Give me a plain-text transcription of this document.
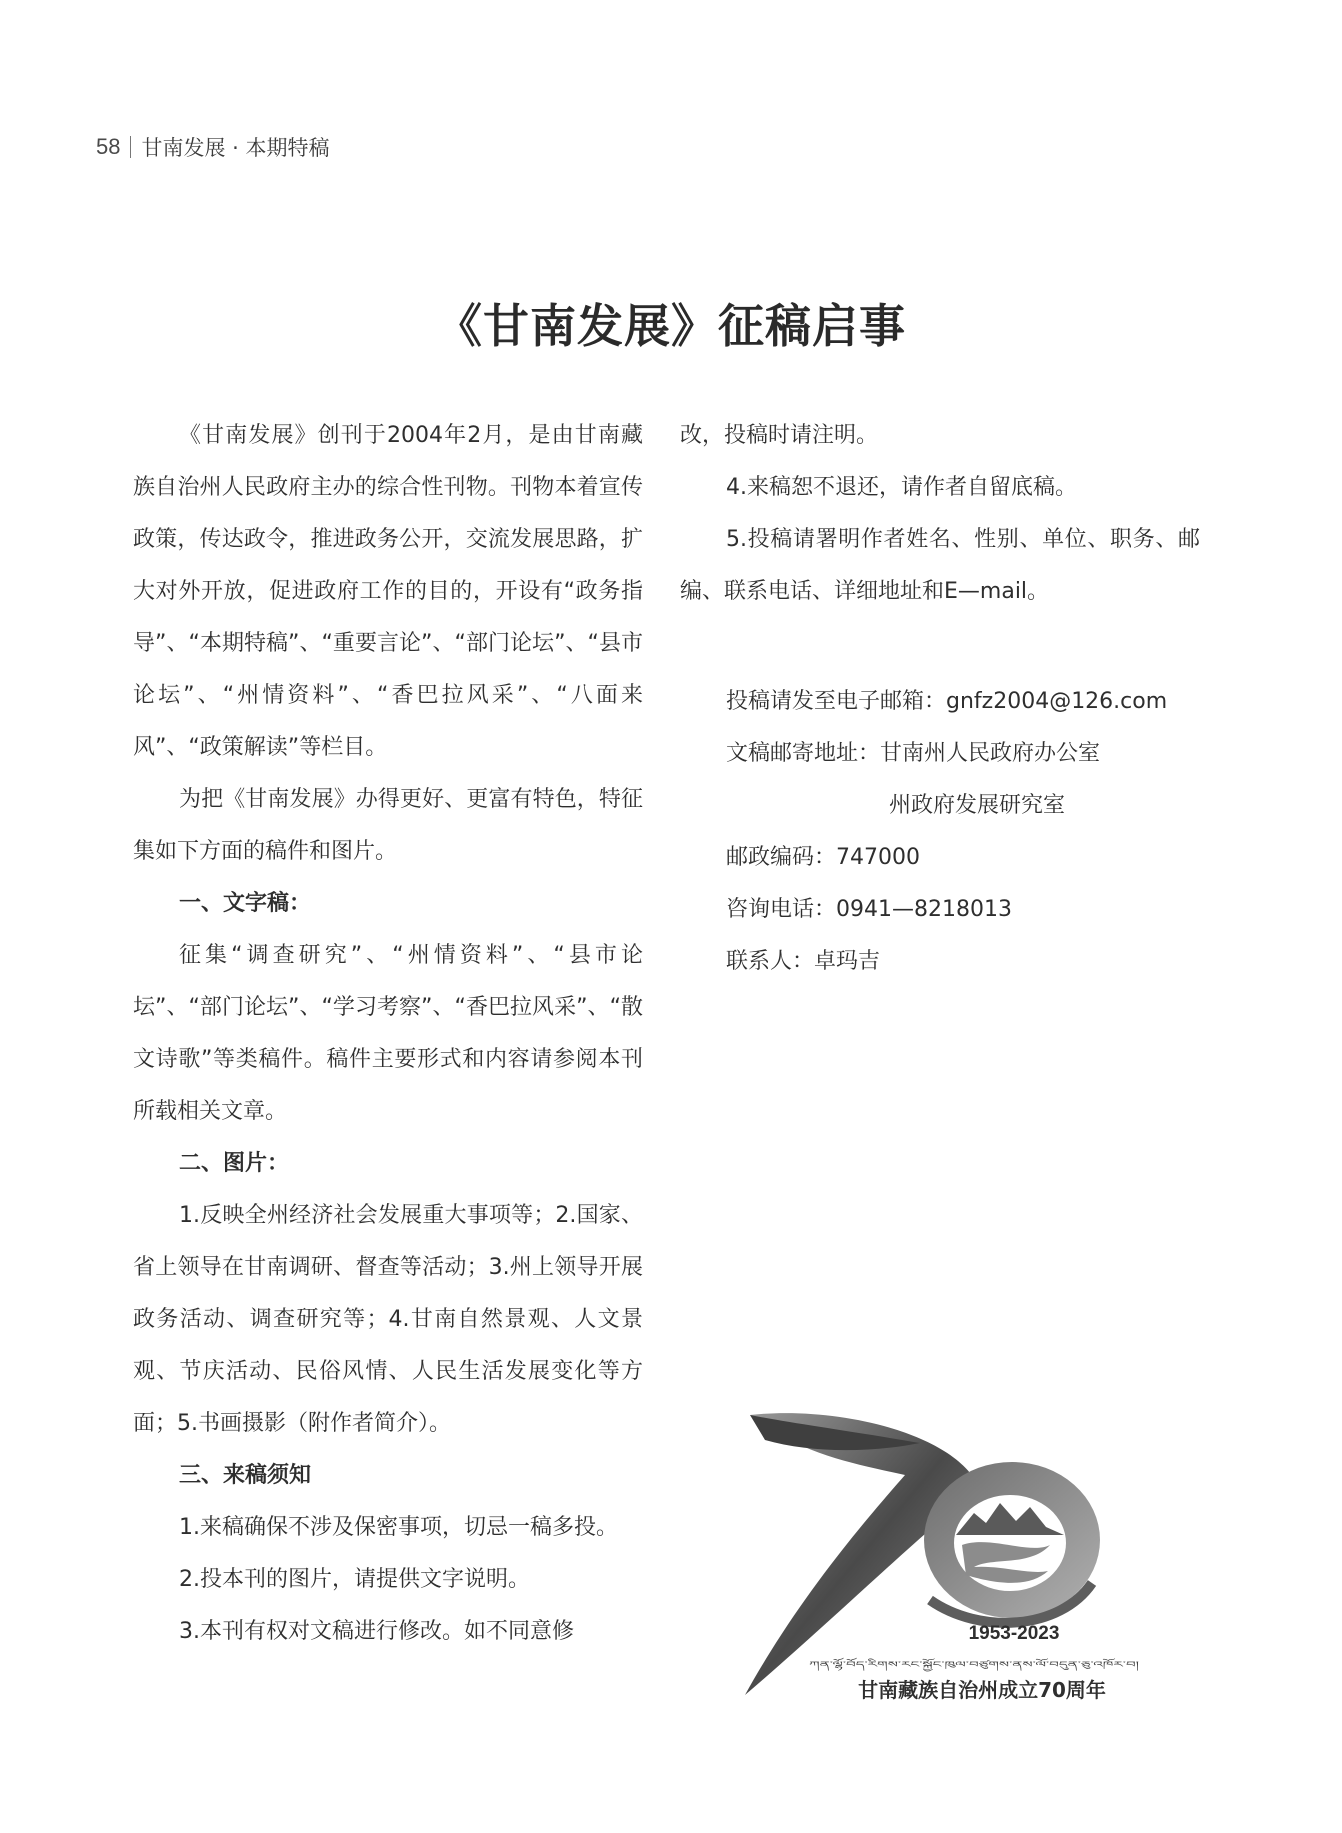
58 甘南发展 · 本期特稿
《甘南发展》征稿启事

《甘南发展》创刊于2004年2月，是由甘南藏族自治州人民政府主办的综合性刊物。刊物本着宣传政策，传达政令，推进政务公开，交流发展思路，扩大对外开放，促进政府工作的目的，开设有“政务指导”、“本期特稿”、“重要言论”、“部门论坛”、“县市论坛”、“州情资料”、“香巴拉风采”、“八面来风”、“政策解读”等栏目。

为把《甘南发展》办得更好、更富有特色，特征集如下方面的稿件和图片。

一、文字稿：

征集“调查研究”、“州情资料”、“县市论坛”、“部门论坛”、“学习考察”、“香巴拉风采”、“散文诗歌”等类稿件。稿件主要形式和内容请参阅本刊所载相关文章。

二、图片：

1.反映全州经济社会发展重大事项等；2.国家、省上领导在甘南调研、督查等活动；3.州上领导开展政务活动、调查研究等；4.甘南自然景观、人文景观、节庆活动、民俗风情、人民生活发展变化等方面；5.书画摄影（附作者简介）。

三、来稿须知

1.来稿确保不涉及保密事项，切忌一稿多投。

2.投本刊的图片，请提供文字说明。

3.本刊有权对文稿进行修改。如不同意修

改，投稿时请注明。

4.来稿恕不退还，请作者自留底稿。

5.投稿请署明作者姓名、性别、单位、职务、邮编、联系电话、详细地址和E—mail。

投稿请发至电子邮箱：gnfz2004@126.com
文稿邮寄地址：甘南州人民政府办公室
州政府发展研究室
邮政编码：747000
咨询电话：0941—8218013
联系人：卓玛吉
1953-2023
ཀན་ལྷོ་བོད་རིགས་རང་སྐྱོང་ཁུལ་བཙུགས་ནས་ལོ་བདུན་ཅུ་འཁོར་བ།
甘南藏族自治州成立70周年
